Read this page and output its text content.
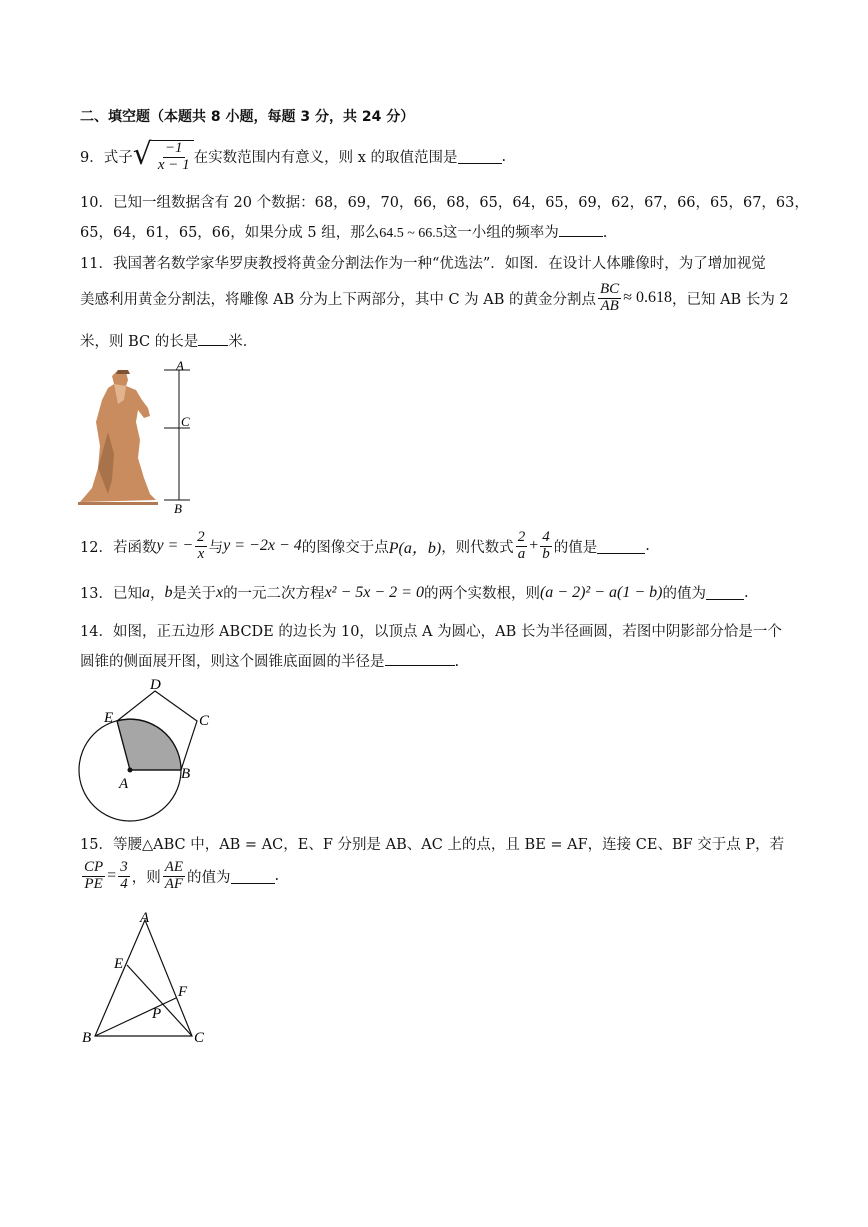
二、填空题（本题共 8 小题，每题 3 分，共 24 分）
9． 式子 √ $\frac{-1}{x - 1}$ 在实数范围内有意义，则 x 的取值范围是	.
10．已知一组数据含有 20 个数据：68，69，70，66，68，65，64，65，69，62，67，66，65，67，63，
65，64，61，65，66，如果分成 5 组，那么64.5 ~ 66.5这一小组的频率为	.
11．我国著名数学家华罗庚教授将黄金分割法作为一种“优选法”．如图．在设计人体雕像时，为了增加视觉
美感利用黄金分割法，将雕像 AB 分为上下两部分，其中 C 为 AB 的黄金分割点 $\frac{BC}{AB} \approx 0.618$ ，已知 AB 长为 2
米，则 BC 的长是 米．
A
C
B
12．若函数 y = − $\frac{2}{x}$ 与 y = −2x − 4 的图像交于点 P(a，b) ，则代数式 $\frac{2}{a} + \frac{4}{b}$ 的值是	.
13．已知 a ， b 是关于 x 的一元二次方程 x² − 5x − 2 = 0 的两个实数根，则 (a − 2)² − a(1 − b) 的值为	.
14．如图，正五边形 ABCDE 的边长为 10，以顶点 A 为圆心，AB 长为半径画圆，若图中阴影部分恰是一个
圆锥的侧面展开图，则这个圆锥底面圆的半径是	.
A
B
C
D
E
15．等腰△ABC 中，AB = AC，E、F 分别是 AB、AC 上的点，且 BE = AF，连接 CE、BF 交于点 P，若
$\frac{CP}{PE} = \frac{3}{4}$ ，则 $\frac{AE}{AF}$ 的值为	.
A
B	C
E
F
P
